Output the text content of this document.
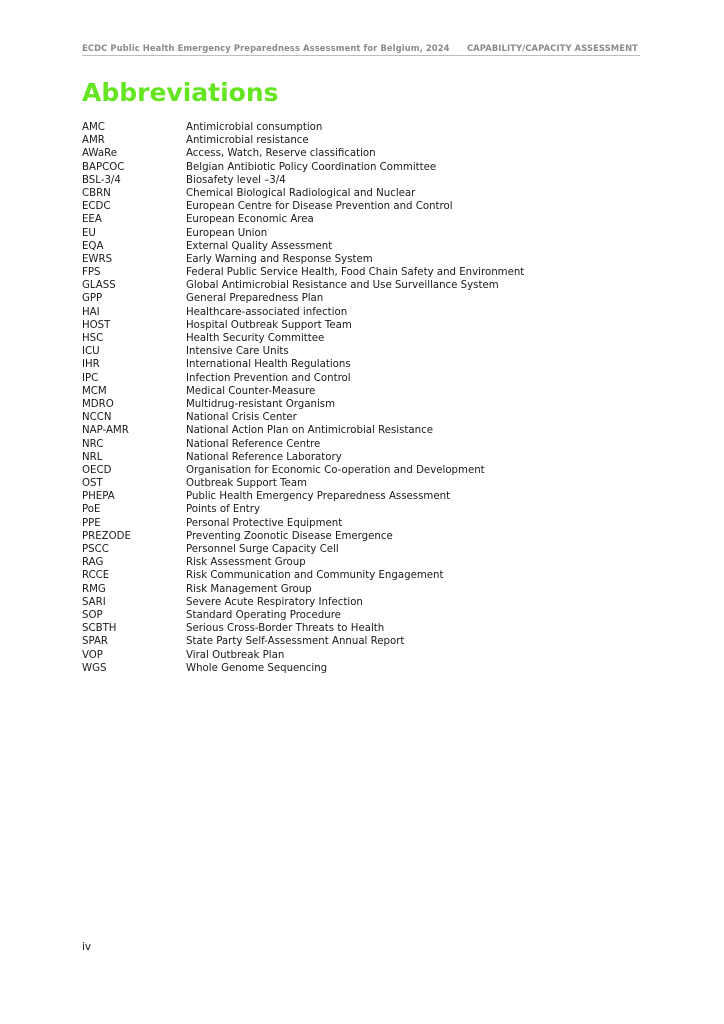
ECDC Public Health Emergency Preparedness Assessment for Belgium, 2024 CAPABILITY/CAPACITY ASSESSMENT
Abbreviations
AMC	Antimicrobial consumption
AMR	Antimicrobial resistance
AWaRe	Access, Watch, Reserve classification
BAPCOC	Belgian Antibiotic Policy Coordination Committee
BSL-3/4	Biosafety level –3/4
CBRN	Chemical Biological Radiological and Nuclear
ECDC	European Centre for Disease Prevention and Control
EEA	European Economic Area
EU	European Union
EQA	External Quality Assessment
EWRS	Early Warning and Response System
FPS	Federal Public Service Health, Food Chain Safety and Environment
GLASS	Global Antimicrobial Resistance and Use Surveillance System
GPP	General Preparedness Plan
HAI	Healthcare-associated infection
HOST	Hospital Outbreak Support Team
HSC	Health Security Committee
ICU	Intensive Care Units
IHR	International Health Regulations
IPC	Infection Prevention and Control
MCM	Medical Counter-Measure
MDRO	Multidrug-resistant Organism
NCCN	National Crisis Center
NAP-AMR	National Action Plan on Antimicrobial Resistance
NRC	National Reference Centre
NRL	National Reference Laboratory
OECD	Organisation for Economic Co-operation and Development
OST	Outbreak Support Team
PHEPA	Public Health Emergency Preparedness Assessment
PoE	Points of Entry
PPE	Personal Protective Equipment
PREZODE	Preventing Zoonotic Disease Emergence
PSCC	Personnel Surge Capacity Cell
RAG	Risk Assessment Group
RCCE	Risk Communication and Community Engagement
RMG	Risk Management Group
SARI	Severe Acute Respiratory Infection
SOP	Standard Operating Procedure
SCBTH	Serious Cross-Border Threats to Health
SPAR	State Party Self-Assessment Annual Report
VOP	Viral Outbreak Plan
WGS	Whole Genome Sequencing
iv
